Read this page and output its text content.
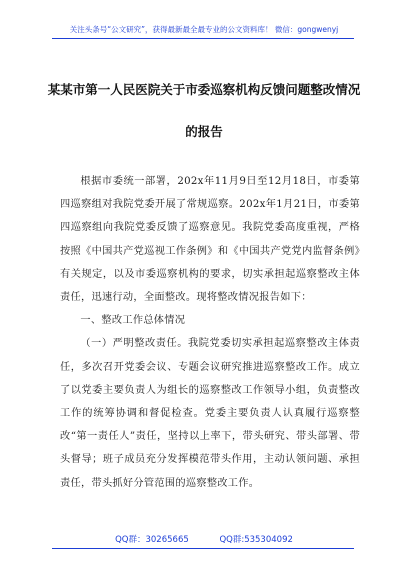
关注头条号“公文研究”，获得最新最全最专业的公文资料库！ 微信：gongwenyj
某某市第一人民医院关于市委巡察机构反馈问题整改情况
的报告

根据市委统一部署，202x年11月9日至12月18日，市委第四巡察组对我院党委开展了常规巡察。202x年1月21日，市委第四巡察组向我院党委反馈了巡察意见。我院党委高度重视，严格按照《中国共产党巡视工作条例》和《中国共产党党内监督条例》有关规定，以及市委巡察机构的要求，切实承担起巡察整改主体责任，迅速行动，全面整改。现将整改情况报告如下：

一、整改工作总体情况

（一）严明整改责任。我院党委切实承担起巡察整改主体责任，多次召开党委会议、专题会议研究推进巡察整改工作。成立了以党委主要负责人为组长的巡察整改工作领导小组，负责整改工作的统筹协调和督促检查。党委主要负责人认真履行巡察整改“第一责任人”责任，坚持以上率下，带头研究、带头部署、带头督导；班子成员充分发挥模范带头作用，主动认领问题、承担责任，带头抓好分管范围的巡察整改工作。

QQ群：30265665	QQ群:535304092
